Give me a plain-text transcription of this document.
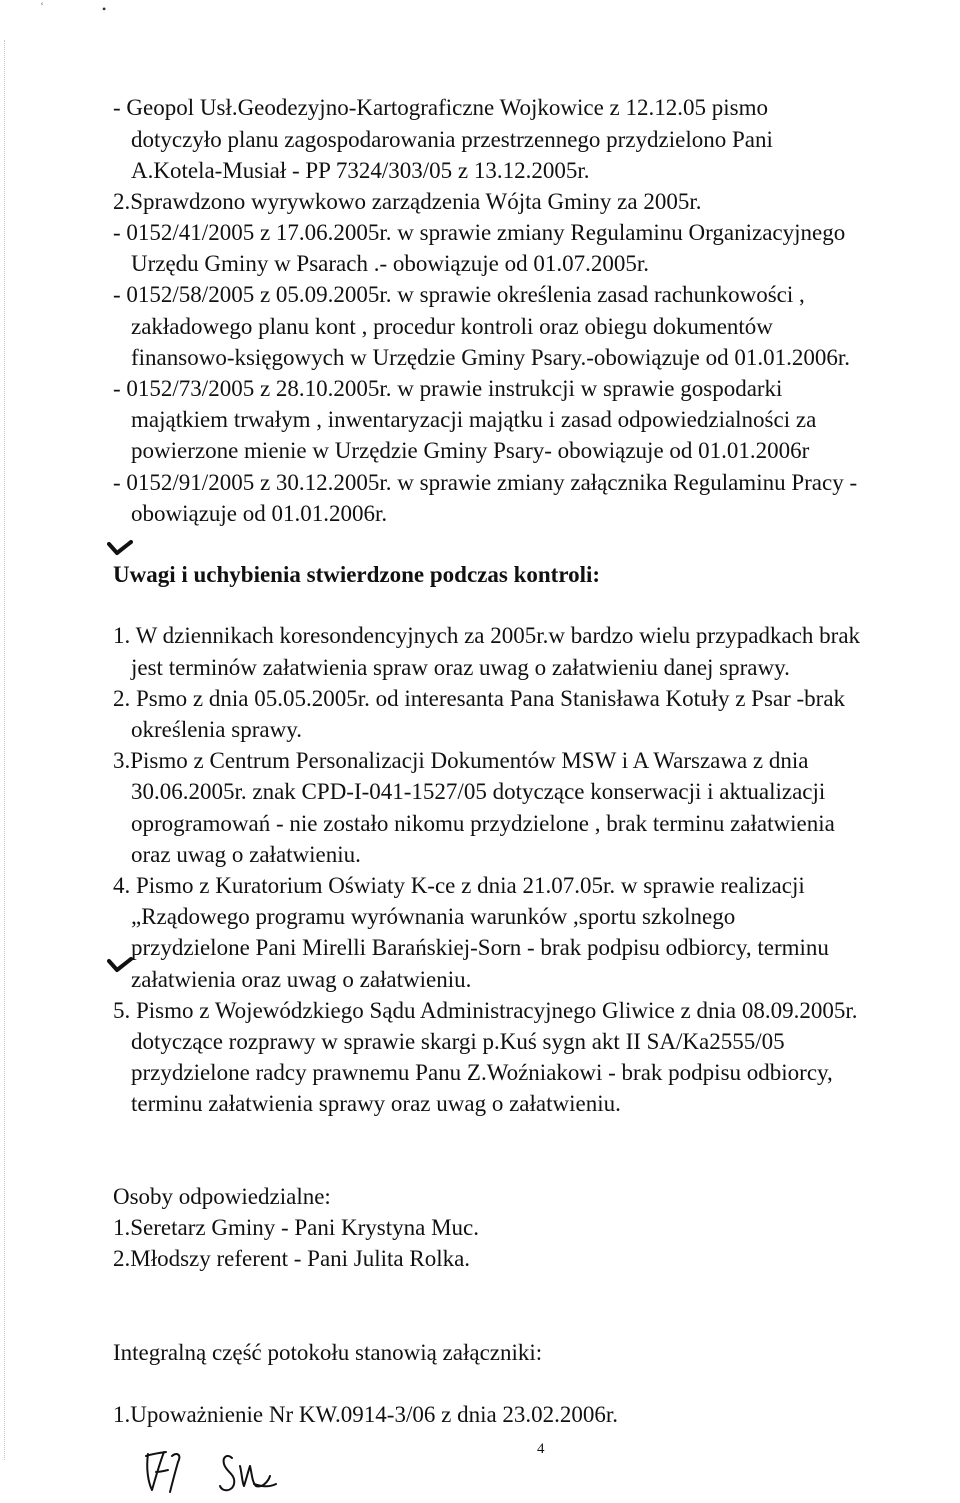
ʿ	•
- Geopol Usł.Geodezyjno-Kartograficzne Wojkowice z 12.12.05 pismo
dotyczyło planu zagospodarowania przestrzennego przydzielono Pani
A.Kotela-Musiał - PP 7324/303/05 z 13.12.2005r.
2.Sprawdzono wyrywkowo zarządzenia Wójta Gminy za 2005r.
- 0152/41/2005 z 17.06.2005r. w sprawie zmiany Regulaminu Organizacyjnego
Urzędu Gminy w Psarach .- obowiązuje od 01.07.2005r.
- 0152/58/2005 z 05.09.2005r. w sprawie określenia zasad rachunkowości ,
zakładowego planu kont , procedur kontroli oraz obiegu dokumentów
finansowo-księgowych w Urzędzie Gminy Psary.-obowiązuje od 01.01.2006r.
- 0152/73/2005 z 28.10.2005r. w prawie instrukcji w sprawie gospodarki
majątkiem trwałym , inwentaryzacji majątku i zasad odpowiedzialności za
powierzone mienie w Urzędzie Gminy Psary- obowiązuje od 01.01.2006r
- 0152/91/2005 z 30.12.2005r. w sprawie zmiany załącznika Regulaminu Pracy -
obowiązuje od 01.01.2006r.
Uwagi i uchybienia stwierdzone podczas kontroli:
1. W dziennikach koresondencyjnych za 2005r.w bardzo wielu przypadkach brak
jest terminów załatwienia spraw oraz uwag o załatwieniu danej sprawy.
2. Psmo z dnia 05.05.2005r. od interesanta Pana Stanisława Kotuły z Psar -brak
określenia sprawy.
3.Pismo z Centrum Personalizacji Dokumentów MSW i A Warszawa z dnia
30.06.2005r. znak CPD-I-041-1527/05 dotyczące konserwacji i aktualizacji
oprogramowań - nie zostało nikomu przydzielone , brak terminu załatwienia
oraz uwag o załatwieniu.
4. Pismo z Kuratorium Oświaty K-ce z dnia 21.07.05r. w sprawie realizacji
„Rządowego programu wyrównania warunków ,sportu szkolnego
przydzielone Pani Mirelli Barańskiej-Sorn - brak podpisu odbiorcy, terminu
załatwienia oraz uwag o załatwieniu.
5. Pismo z Wojewódzkiego Sądu Administracyjnego Gliwice z dnia 08.09.2005r.
dotyczące rozprawy w sprawie skargi p.Kuś sygn akt II SA/Ka2555/05
przydzielone radcy prawnemu Panu Z.Woźniakowi - brak podpisu odbiorcy,
terminu załatwienia sprawy oraz uwag o załatwieniu.
Osoby odpowiedzialne:
1.Seretarz Gminy - Pani Krystyna Muc.
2.Młodszy referent - Pani Julita Rolka.
Integralną część potokołu stanowią załączniki:
1.Upoważnienie Nr KW.0914-3/06 z dnia 23.02.2006r.
4
